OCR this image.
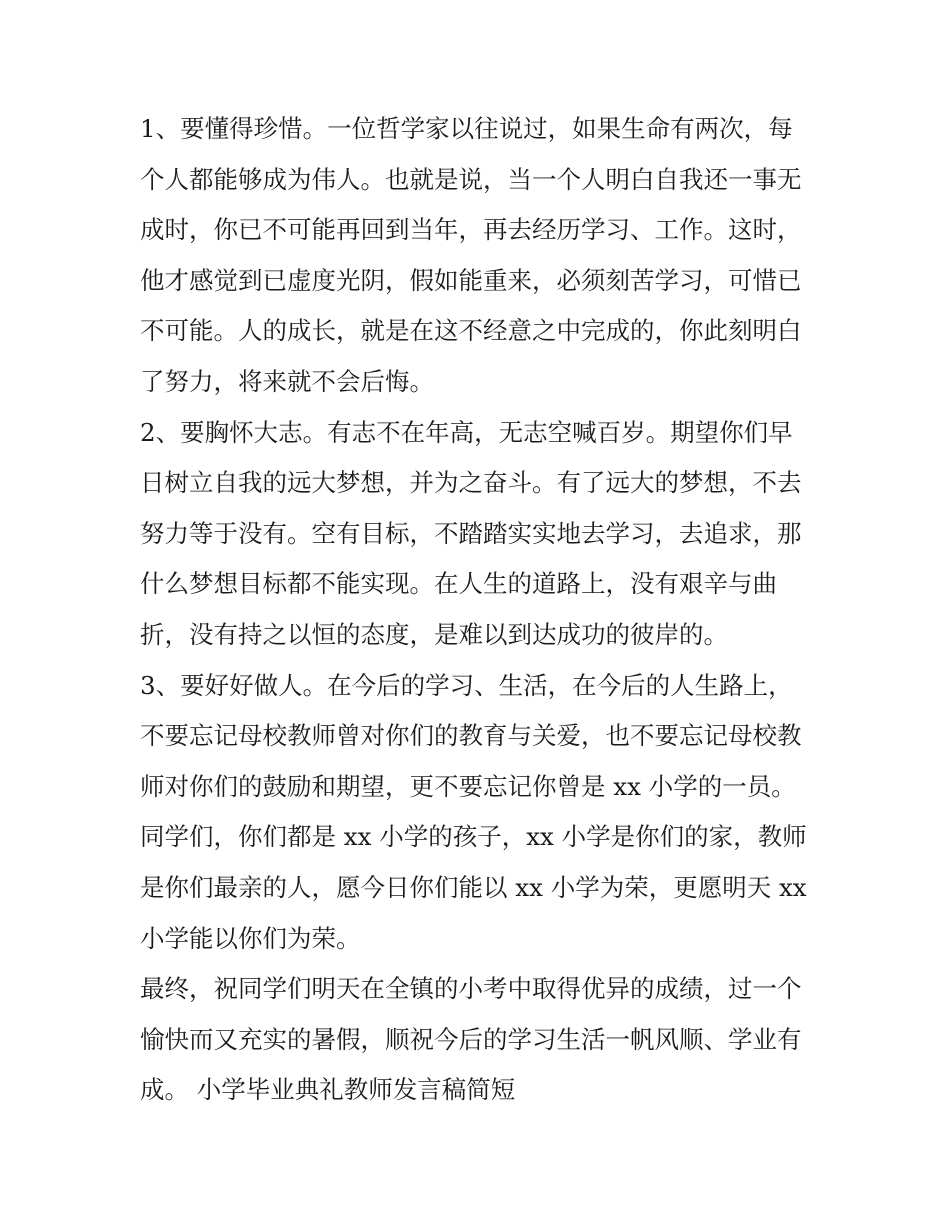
1、要懂得珍惜。一位哲学家以往说过，如果生命有两次，每
个人都能够成为伟人。也就是说，当一个人明白自我还一事无
成时，你已不可能再回到当年，再去经历学习、工作。这时，
他才感觉到已虚度光阴，假如能重来，必须刻苦学习，可惜已
不可能。人的成长，就是在这不经意之中完成的，你此刻明白
了努力，将来就不会后悔。
2、要胸怀大志。有志不在年高，无志空喊百岁。期望你们早
日树立自我的远大梦想，并为之奋斗。有了远大的梦想，不去
努力等于没有。空有目标，不踏踏实实地去学习，去追求，那
什么梦想目标都不能实现。在人生的道路上，没有艰辛与曲
折，没有持之以恒的态度，是难以到达成功的彼岸的。
3、要好好做人。在今后的学习、生活，在今后的人生路上，
不要忘记母校教师曾对你们的教育与关爱，也不要忘记母校教
师对你们的鼓励和期望，更不要忘记你曾是 xx 小学的一员。
同学们，你们都是 xx 小学的孩子，xx 小学是你们的家，教师
是你们最亲的人，愿今日你们能以 xx 小学为荣，更愿明天 xx
小学能以你们为荣。
最终，祝同学们明天在全镇的小考中取得优异的成绩，过一个
愉快而又充实的暑假，顺祝今后的学习生活一帆风顺、学业有
成。 小学毕业典礼教师发言稿简短
